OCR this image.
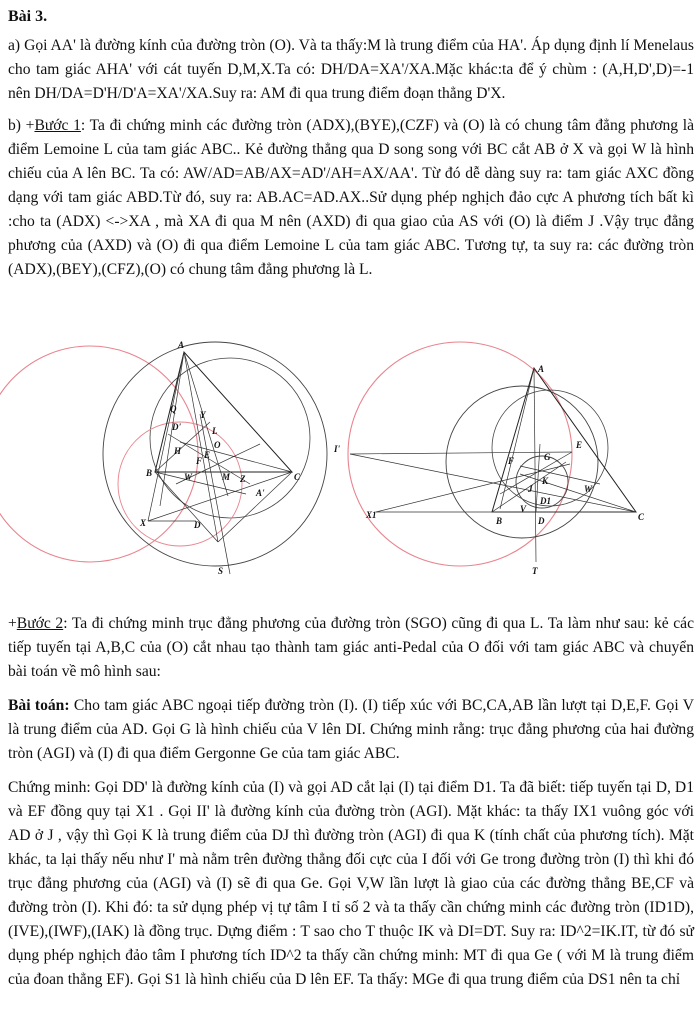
Bài 3.

a) Gọi AA' là đường kính của đường tròn (O). Và ta thấy:M là trung điểm của HA'. Áp dụng định lí Menelaus cho tam giác AHA' với cát tuyến D,M,X.Ta có: DH/DA=XA'/XA.Mặc khác:ta để ý chùm : (A,H,D',D)=-1 nên DH/DA=D'H/D'A=XA'/XA.Suy ra: AM đi qua trung điểm đoạn thẳng D'X.

b) +Bước 1: Ta đi chứng minh các đường tròn (ADX),(BYE),(CZF) và (O) là có chung tâm đẳng phương là điểm Lemoine L của tam giác ABC.. Kẻ đường thẳng qua D song song với BC cắt AB ở X và gọi W là hình chiếu của A lên BC. Ta có: AW/AD=AB/AX=AD'/AH=AX/AA'. Từ đó dễ dàng suy ra: tam giác AXC đồng dạng với tam giác ABD.Từ đó, suy ra: AB.AC=AD.AX..Sử dụng phép nghịch đảo cực A phương tích bất kì :cho ta (ADX) <->XA , mà XA đi qua M nên (AXD) đi qua giao của AS với (O) là điểm J .Vậy trục đẳng phương của (AXD) và (O) đi qua điểm Lemoine L của tam giác ABC. Tương tự, ta suy ra: các đường tròn (ADX),(BEY),(CFZ),(O) có chung tâm đẳng phương là L.

A
Q
D'
Y
L
O
E
F
H
B	W	M Z
A'
X
C
D
S
A
I'	E
F	G
W
D1
J
V
K
X1
B	D	C
T

+Bước 2: Ta đi chứng minh trục đẳng phương của đường tròn (SGO) cũng đi qua L. Ta làm như sau: kẻ các tiếp tuyến tại A,B,C của (O) cắt nhau tạo thành tam giác anti-Pedal của O đối với tam giác ABC và chuyển bài toán về mô hình sau:

Bài toán: Cho tam giác ABC ngoại tiếp đường tròn (I). (I) tiếp xúc với BC,CA,AB lần lượt tại D,E,F. Gọi V là trung điểm của AD. Gọi G là hình chiếu của V lên DI. Chứng minh rằng: trục đẳng phương của hai đường tròn (AGI) và (I) đi qua điểm Gergonne Ge của tam giác ABC.

Chứng minh: Gọi DD' là đường kính của (I) và gọi AD cắt lại (I) tại điểm D1. Ta đã biết: tiếp tuyến tại D, D1 và EF đồng quy tại X1 . Gọi II' là đường kính của đường tròn (AGI). Mặt khác: ta thấy IX1 vuông góc với AD ở J , vậy thì Gọi K là trung điểm của DJ thì đường tròn (AGI) đi qua K (tính chất của phương tích). Mặt khác, ta lại thấy nếu như I' mà nằm trên đường thẳng đối cực của I đối với Ge trong đường tròn (I) thì khi đó trục đẳng phương của (AGI) và (I) sẽ đi qua Ge. Gọi V,W lần lượt là giao của các đường thẳng BE,CF và đường tròn (I). Khi đó: ta sử dụng phép vị tự tâm I tỉ số 2 và ta thấy cần chứng minh các đường tròn (ID1D),(IVE),(IWF),(IAK) là đồng trục. Dựng điểm : T sao cho T thuộc IK và DI=DT. Suy ra: ID^2=IK.IT, từ đó sử dụng phép nghịch đảo tâm I phương tích ID^2 ta thấy cần chứng minh: MT đi qua Ge ( với M là trung điểm của đoan thẳng EF). Gọi S1 là hình chiếu của D lên EF. Ta thấy: MGe đi qua trung điểm của DS1 nên ta chỉ
